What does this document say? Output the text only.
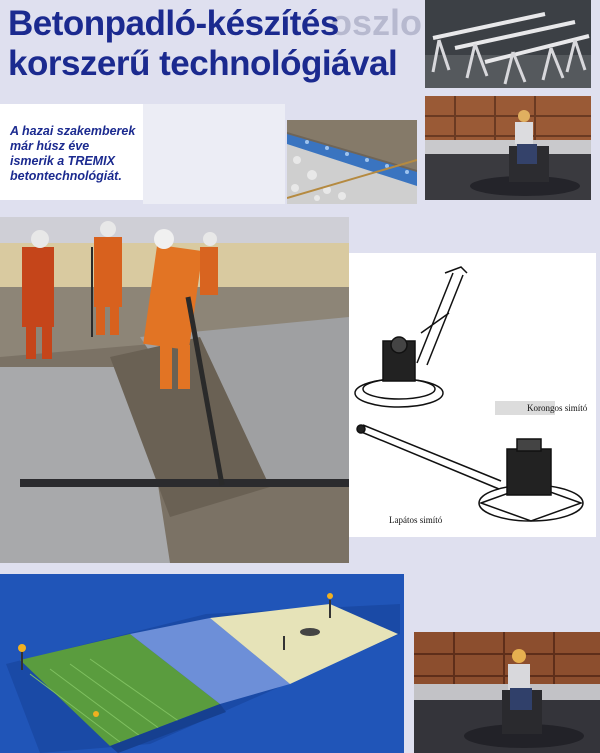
oszlo
Betonpadló-készítés
korszerű technológiával
A hazai szakemberek
már húsz éve
ismerik a TREMIX
betontechnológiát.
Korongos simító
Lapátos simító
